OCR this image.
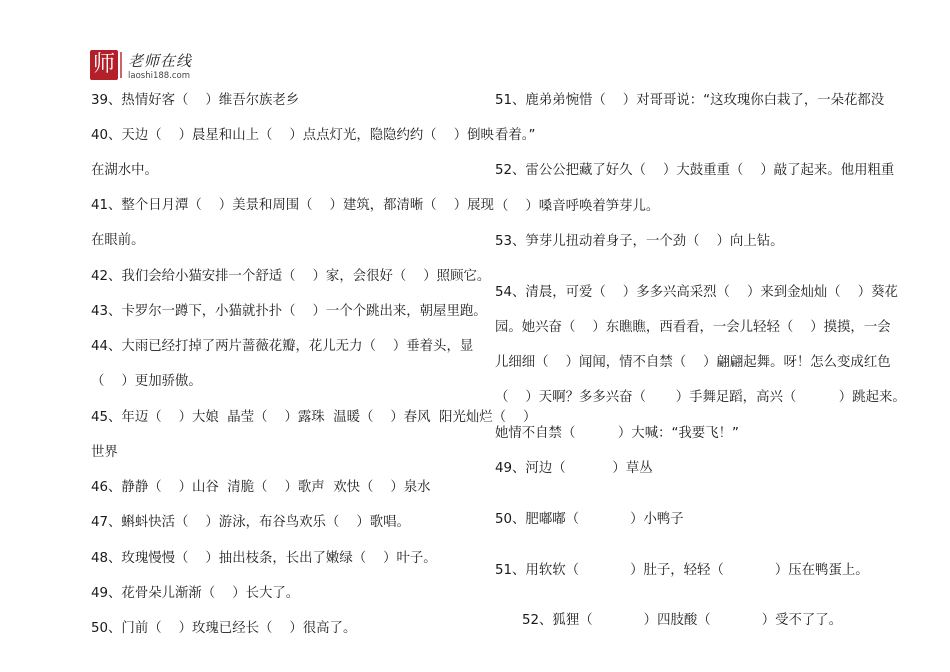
师 老师在线
laoshi188.com
39、热情好客（    ）维吾尔族老乡
40、天边（    ）晨星和山上（    ）点点灯光，隐隐约约（    ）倒映
在湖水中。
41、整个日月潭（    ）美景和周围（    ）建筑，都清晰（    ）展现
在眼前。
42、我们会给小猫安排一个舒适（    ）家，会很好（    ）照顾它。
43、卡罗尔一蹲下，小猫就扑扑（    ）一个个跳出来，朝屋里跑。
44、大雨已经打掉了两片蔷薇花瓣，花儿无力（    ）垂着头，显
（    ）更加骄傲。
45、年迈（    ）大娘  晶莹（    ）露珠  温暖（    ）春风  阳光灿烂（    ）
世界
46、静静（    ）山谷  清脆（    ）歌声  欢快（    ）泉水
47、蝌蚪快活（    ）游泳，布谷鸟欢乐（    ）歌唱。
48、玫瑰慢慢（    ）抽出枝条，长出了嫩绿（    ）叶子。
49、花骨朵儿渐渐（    ）长大了。
50、门前（    ）玫瑰已经长（    ）很高了。
51、鹿弟弟惋惜（    ）对哥哥说：“这玫瑰你白栽了，一朵花都没
看着。”
52、雷公公把藏了好久（    ）大鼓重重（    ）敲了起来。他用粗重
（    ）嗓音呼唤着笋芽儿。
53、笋芽儿扭动着身子，一个劲（    ）向上钻。
54、清晨，可爱（    ）多多兴高采烈（    ）来到金灿灿（    ）葵花
园。她兴奋（    ）东瞧瞧，西看看，一会儿轻轻（    ）摸摸，一会
儿细细（    ）闻闻，情不自禁（    ）翩翩起舞。呀！怎么变成红色
（    ）天啊？多多兴奋（       ）手舞足蹈，高兴（          ）跳起来。
她情不自禁（          ）大喊：“我要飞！”
49、河边（           ）草丛
50、肥嘟嘟（            ）小鸭子
51、用软软（            ）肚子，轻轻（            ）压在鸭蛋上。
52、狐狸（            ）四肢酸（            ）受不了了。
